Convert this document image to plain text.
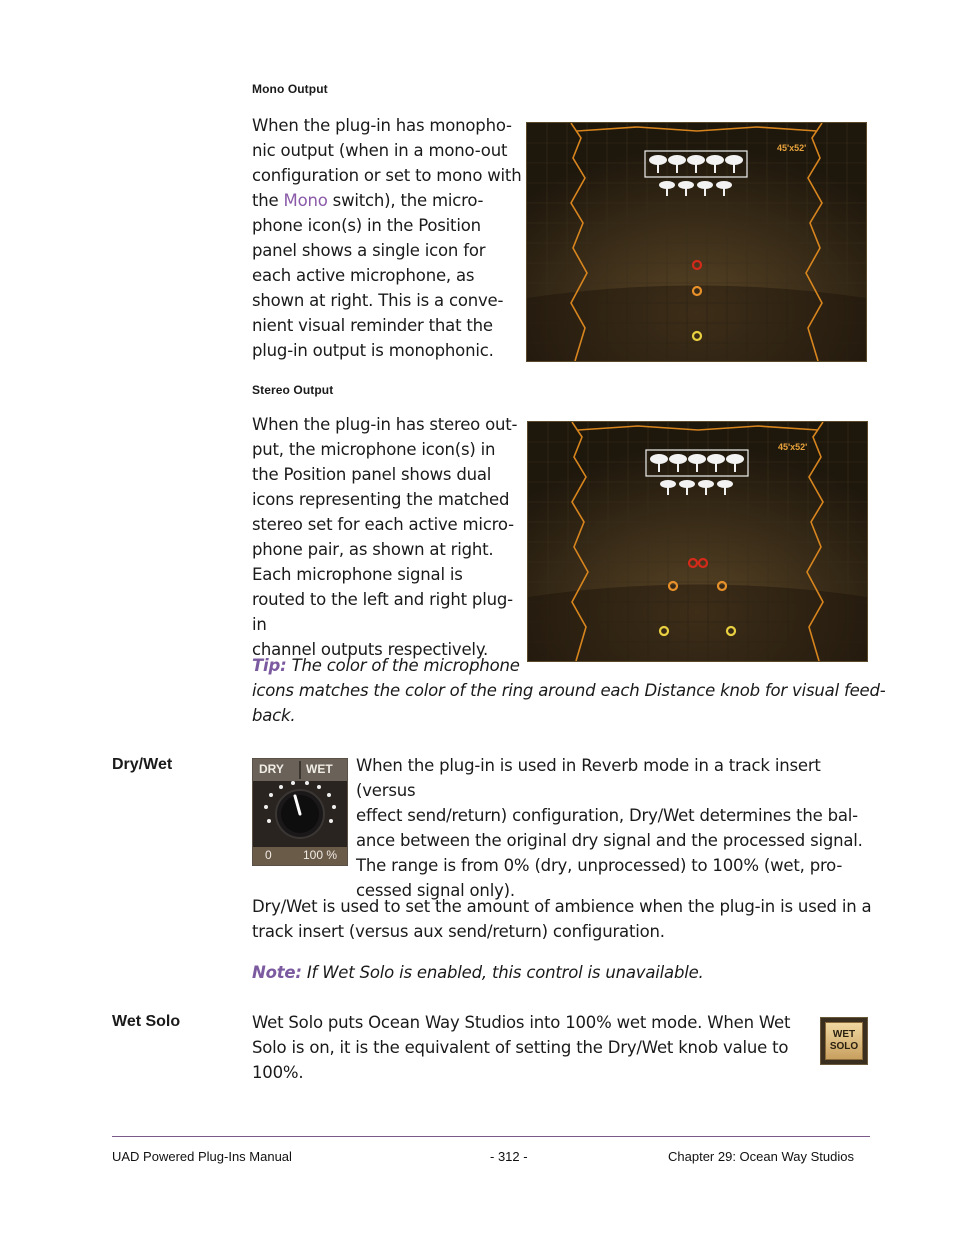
Mono Output
When the plug-in has monopho-
nic output (when in a mono-out
configuration or set to mono with
the Mono switch), the micro-
phone icon(s) in the Position
panel shows a single icon for
each active microphone, as
shown at right. This is a conve-
nient visual reminder that the
plug-in output is monophonic.
45'x52'
Stereo Output
When the plug-in has stereo out-
put, the microphone icon(s) in
the Position panel shows dual
icons representing the matched
stereo set for each active micro-
phone pair, as shown at right.
Each microphone signal is
routed to the left and right plug-in
channel outputs respectively.
45'x52'
Tip: The color of the microphone
icons matches the color of the ring around each Distance knob for visual feed-
back.
Dry/Wet	DRY WET
0	100 %
When the plug-in is used in Reverb mode in a track insert (versus
effect send/return) configuration, Dry/Wet determines the bal-
ance between the original dry signal and the processed signal.
The range is from 0% (dry, unprocessed) to 100% (wet, pro-
cessed signal only).
Dry/Wet is used to set the amount of ambience when the plug-in is used in a
track insert (versus aux send/return) configuration.
Note: If Wet Solo is enabled, this control is unavailable.
Wet Solo	Wet Solo puts Ocean Way Studios into 100% wet mode. When Wet
Solo is on, it is the equivalent of setting the Dry/Wet knob value to
100%.
WET
SOLO
UAD Powered Plug-Ins Manual	- 312 -	Chapter 29: Ocean Way Studios
